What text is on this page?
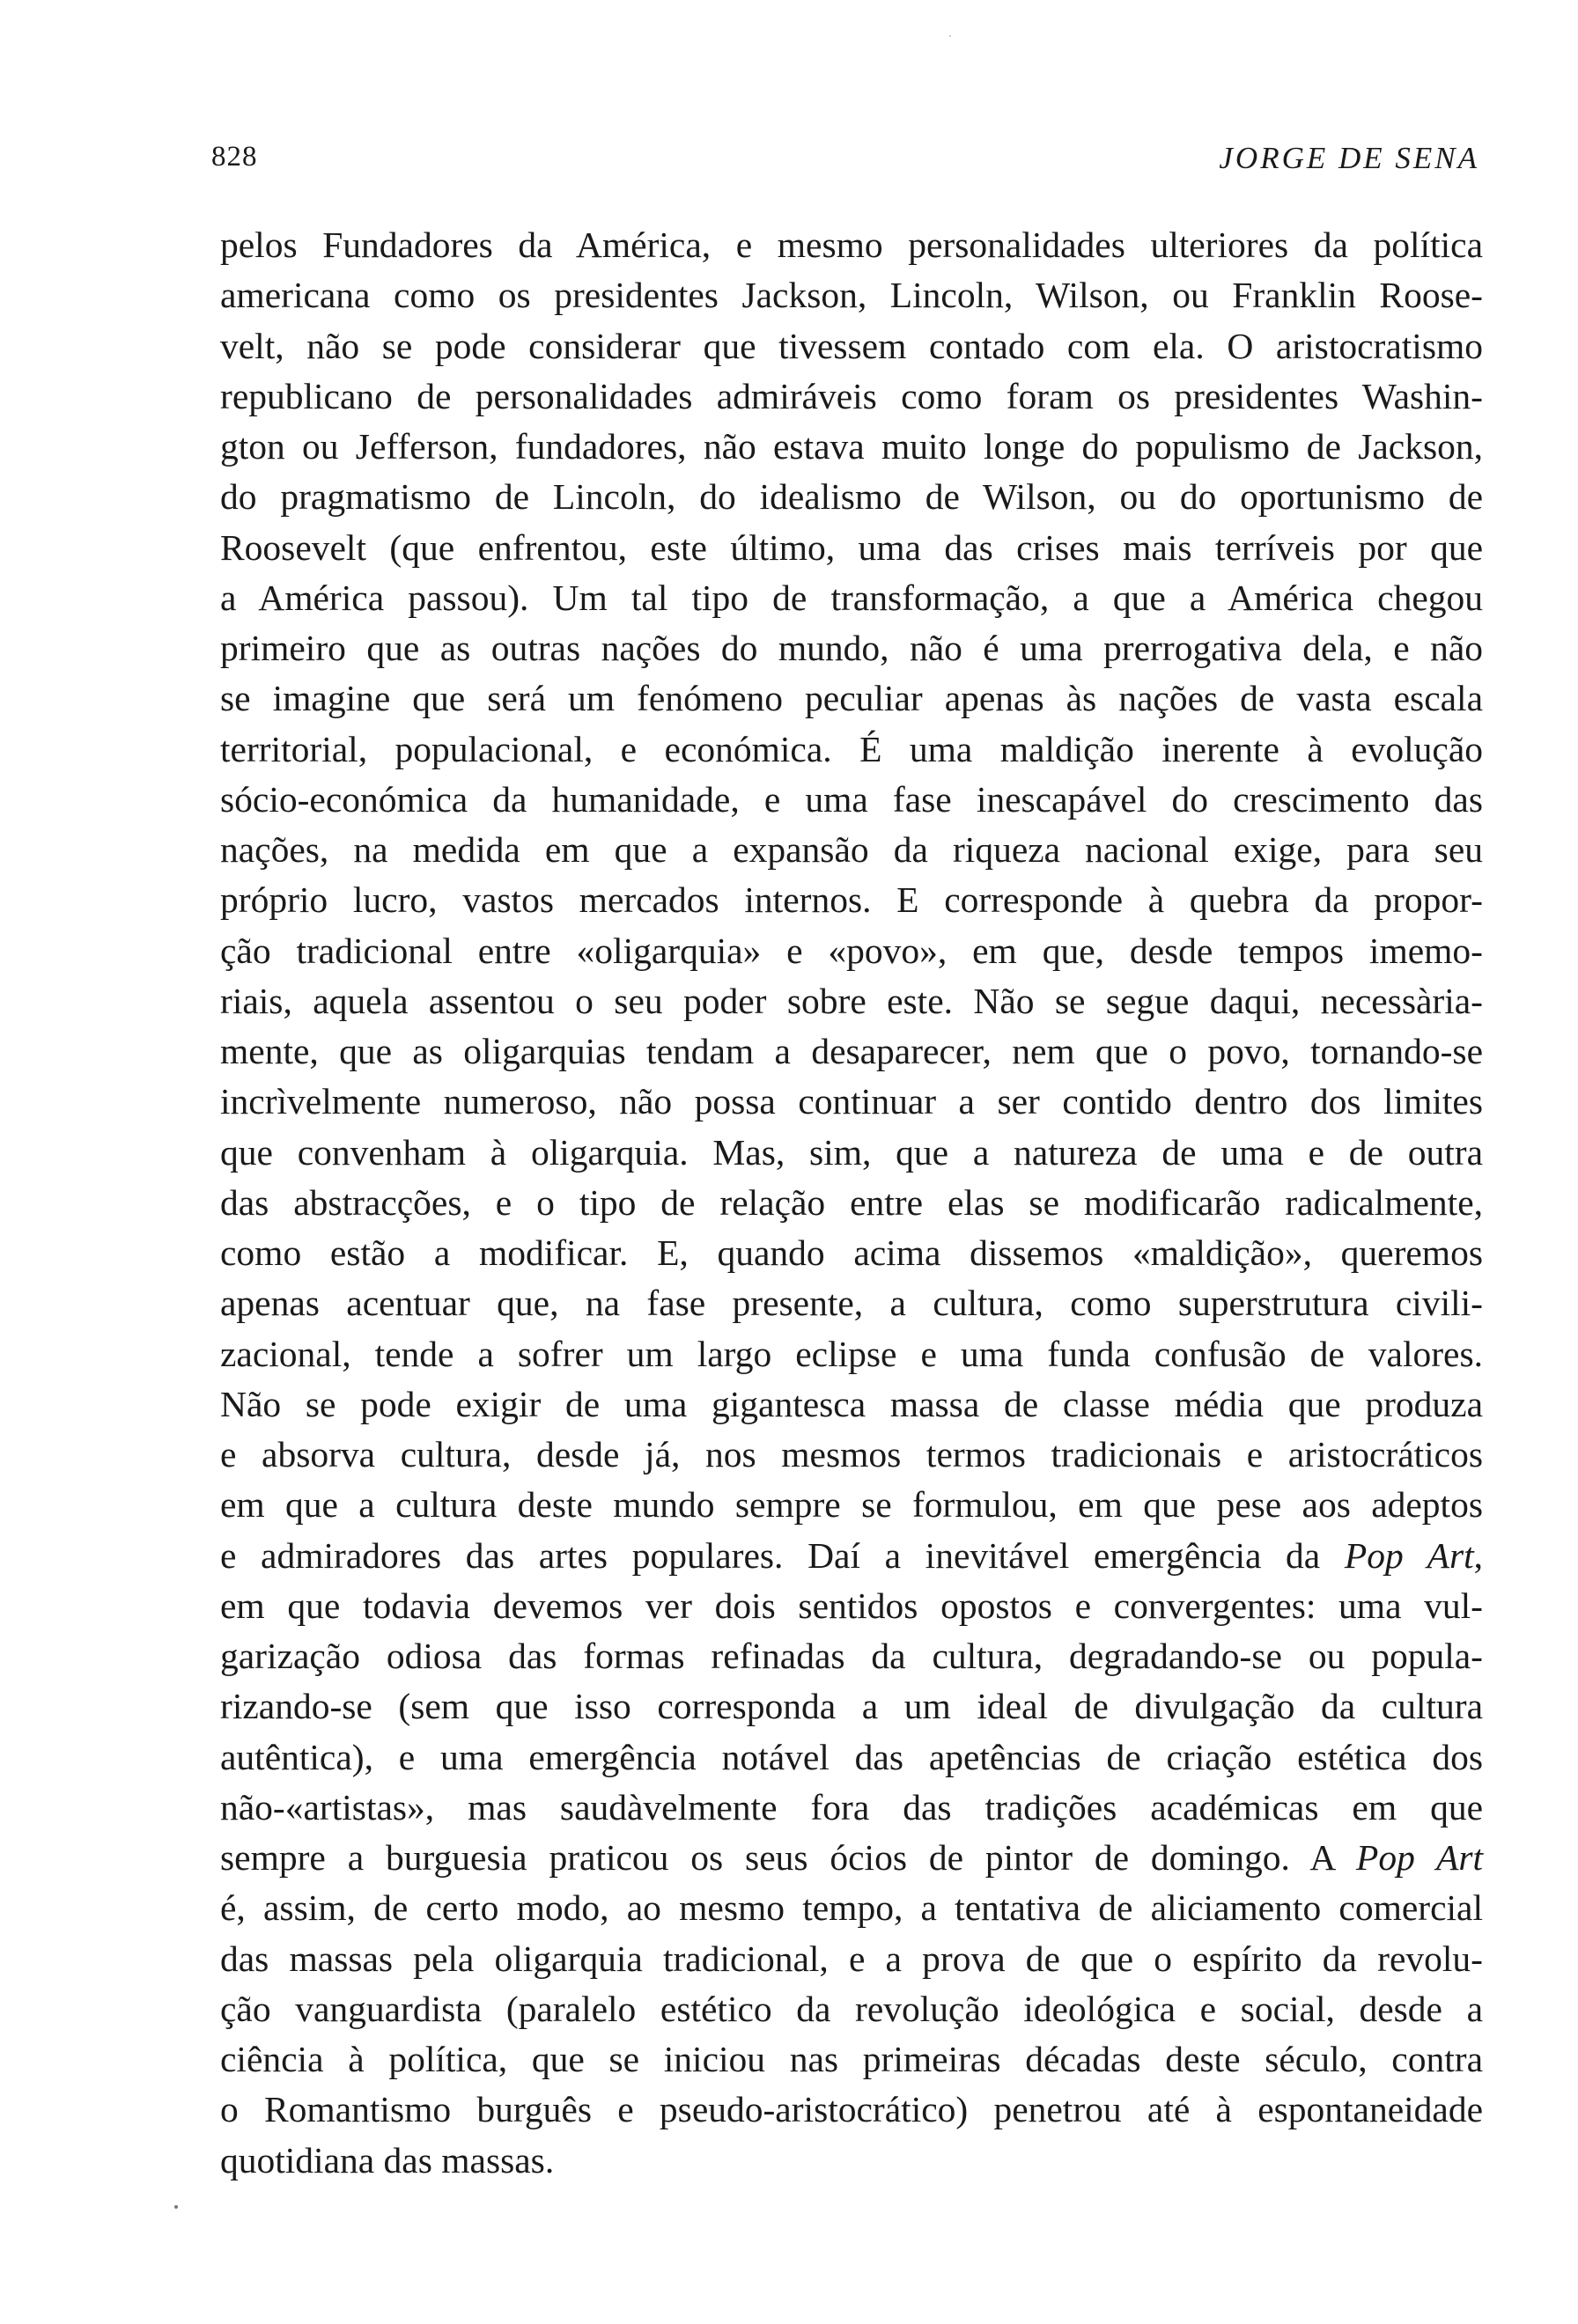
828	JORGE DE SENA
pelos Fundadores da América, e mesmo personalidades ulteriores da política
americana como os presidentes Jackson, Lincoln, Wilson, ou Franklin Roose-
velt, não se pode considerar que tivessem contado com ela. O aristocratismo
republicano de personalidades admiráveis como foram os presidentes Washin-
gton ou Jefferson, fundadores, não estava muito longe do populismo de Jackson,
do pragmatismo de Lincoln, do idealismo de Wilson, ou do oportunismo de
Roosevelt (que enfrentou, este último, uma das crises mais terríveis por que
a América passou). Um tal tipo de transformação, a que a América chegou
primeiro que as outras nações do mundo, não é uma prerrogativa dela, e não
se imagine que será um fenómeno peculiar apenas às nações de vasta escala
territorial, populacional, e económica. É uma maldição inerente à evolução
sócio-económica da humanidade, e uma fase inescapável do crescimento das
nações, na medida em que a expansão da riqueza nacional exige, para seu
próprio lucro, vastos mercados internos. E corresponde à quebra da propor-
ção tradicional entre «oligarquia» e «povo», em que, desde tempos imemo-
riais, aquela assentou o seu poder sobre este. Não se segue daqui, necessària-
mente, que as oligarquias tendam a desaparecer, nem que o povo, tornando-se
incrìvelmente numeroso, não possa continuar a ser contido dentro dos limites
que convenham à oligarquia. Mas, sim, que a natureza de uma e de outra
das abstracções, e o tipo de relação entre elas se modificarão radicalmente,
como estão a modificar. E, quando acima dissemos «maldição», queremos
apenas acentuar que, na fase presente, a cultura, como superstrutura civili-
zacional, tende a sofrer um largo eclipse e uma funda confusão de valores.
Não se pode exigir de uma gigantesca massa de classe média que produza
e absorva cultura, desde já, nos mesmos termos tradicionais e aristocráticos
em que a cultura deste mundo sempre se formulou, em que pese aos adeptos
e admiradores das artes populares. Daí a inevitável emergência da Pop Art,
em que todavia devemos ver dois sentidos opostos e convergentes: uma vul-
garização odiosa das formas refinadas da cultura, degradando-se ou popula-
rizando-se (sem que isso corresponda a um ideal de divulgação da cultura
autêntica), e uma emergência notável das apetências de criação estética dos
não-«artistas», mas saudàvelmente fora das tradições académicas em que
sempre a burguesia praticou os seus ócios de pintor de domingo. A Pop Art
é, assim, de certo modo, ao mesmo tempo, a tentativa de aliciamento comercial
das massas pela oligarquia tradicional, e a prova de que o espírito da revolu-
ção vanguardista (paralelo estético da revolução ideológica e social, desde a
ciência à política, que se iniciou nas primeiras décadas deste século, contra
o Romantismo burguês e pseudo-aristocrático) penetrou até à espontaneidade
quotidiana das massas.
